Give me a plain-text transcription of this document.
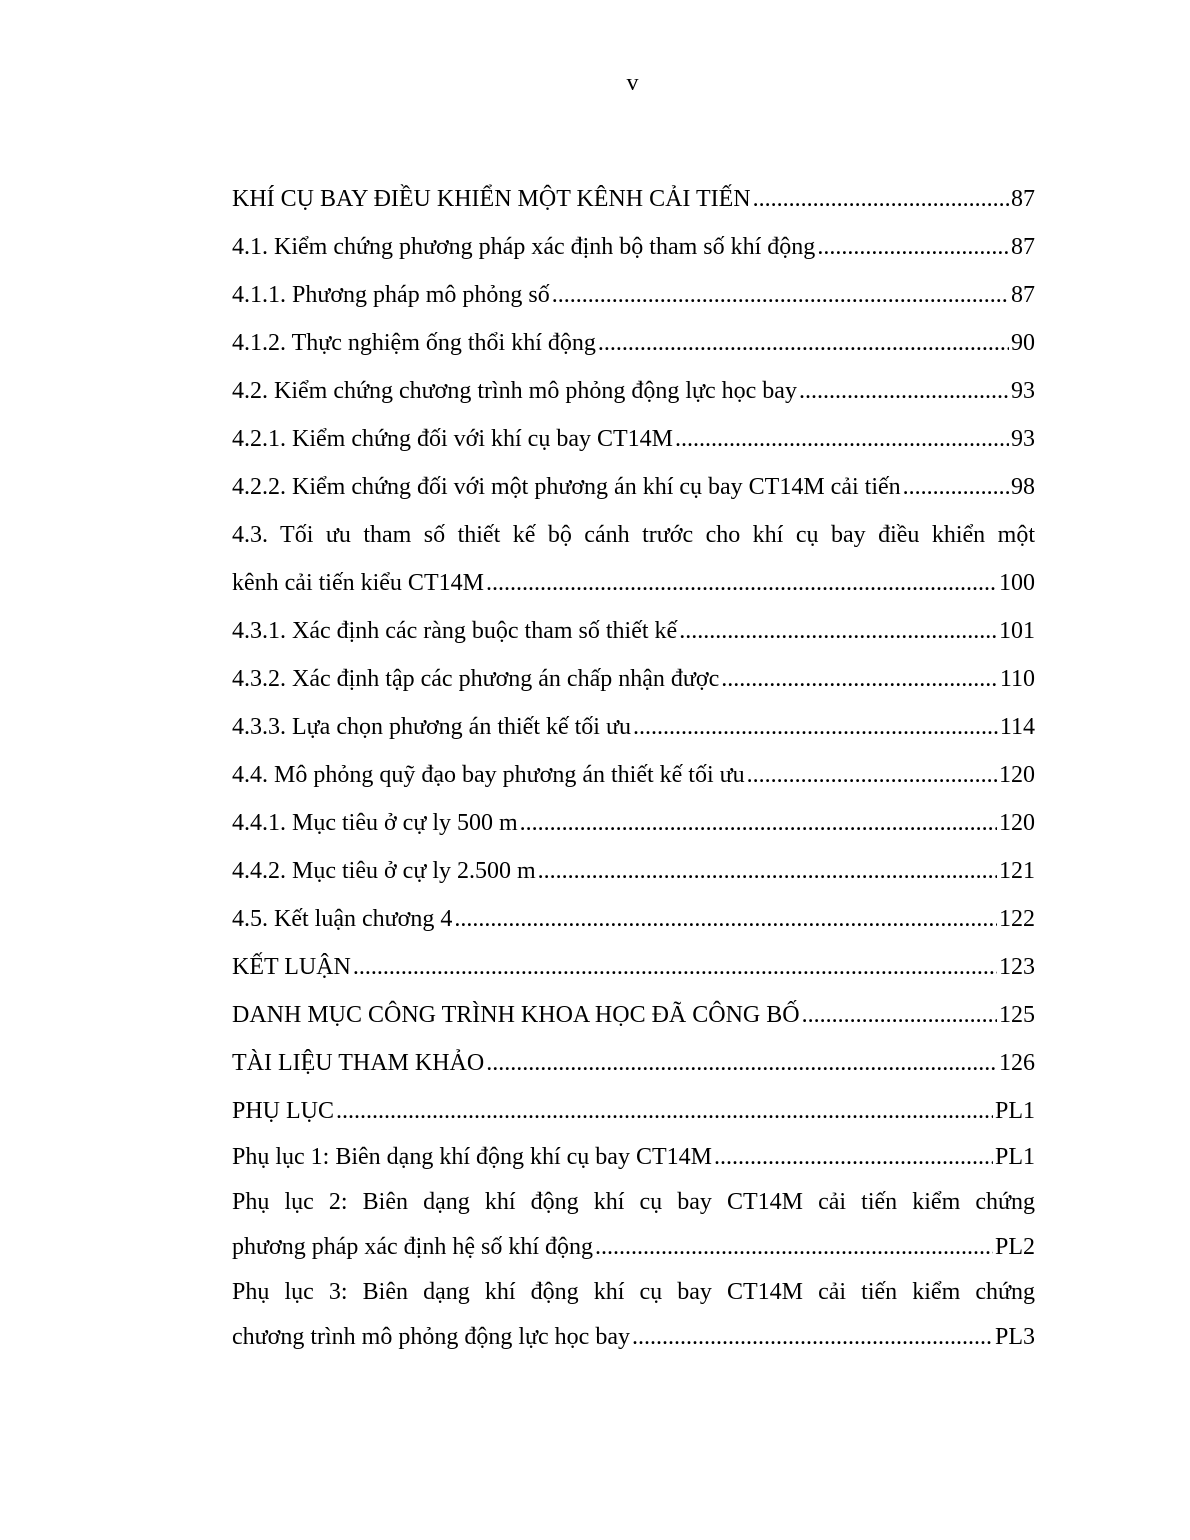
v
KHÍ CỤ BAY ĐIỀU KHIỂN MỘT KÊNH CẢI TIẾN .....	87
4.1. Kiểm chứng phương pháp xác định bộ tham số khí động .....	87
4.1.1. Phương pháp mô phỏng số .....	87
4.1.2. Thực nghiệm ống thổi khí động .....	90
4.2. Kiểm chứng chương trình mô phỏng động lực học bay .....	93
4.2.1. Kiểm chứng đối với khí cụ bay CT14M .....	93
4.2.2. Kiểm chứng đối với một phương án khí cụ bay CT14M cải tiến .....	98
4.3. Tối ưu tham số thiết kế bộ cánh trước cho khí cụ bay điều khiển một
kênh cải tiến kiểu CT14M .....	100
4.3.1. Xác định các ràng buộc tham số thiết kế .....	101
4.3.2. Xác định tập các phương án chấp nhận được .....	110
4.3.3. Lựa chọn phương án thiết kế tối ưu .....	114
4.4. Mô phỏng quỹ đạo bay phương án thiết kế tối ưu .....	120
4.4.1. Mục tiêu ở cự ly 500 m .....	120
4.4.2. Mục tiêu ở cự ly 2.500 m .....	121
4.5. Kết luận chương 4 .....	122
KẾT LUẬN .....	123
DANH MỤC CÔNG TRÌNH KHOA HỌC ĐÃ CÔNG BỐ .....	125
TÀI LIỆU THAM KHẢO .....	126
PHỤ LỤC .....	PL1
Phụ lục 1: Biên dạng khí động khí cụ bay CT14M .....	PL1
Phụ lục 2: Biên dạng khí động khí cụ bay CT14M cải tiến kiểm chứng
phương pháp xác định hệ số khí động .....	PL2
Phụ lục 3: Biên dạng khí động khí cụ bay CT14M cải tiến kiểm chứng
chương trình mô phỏng động lực học bay .....	PL3
